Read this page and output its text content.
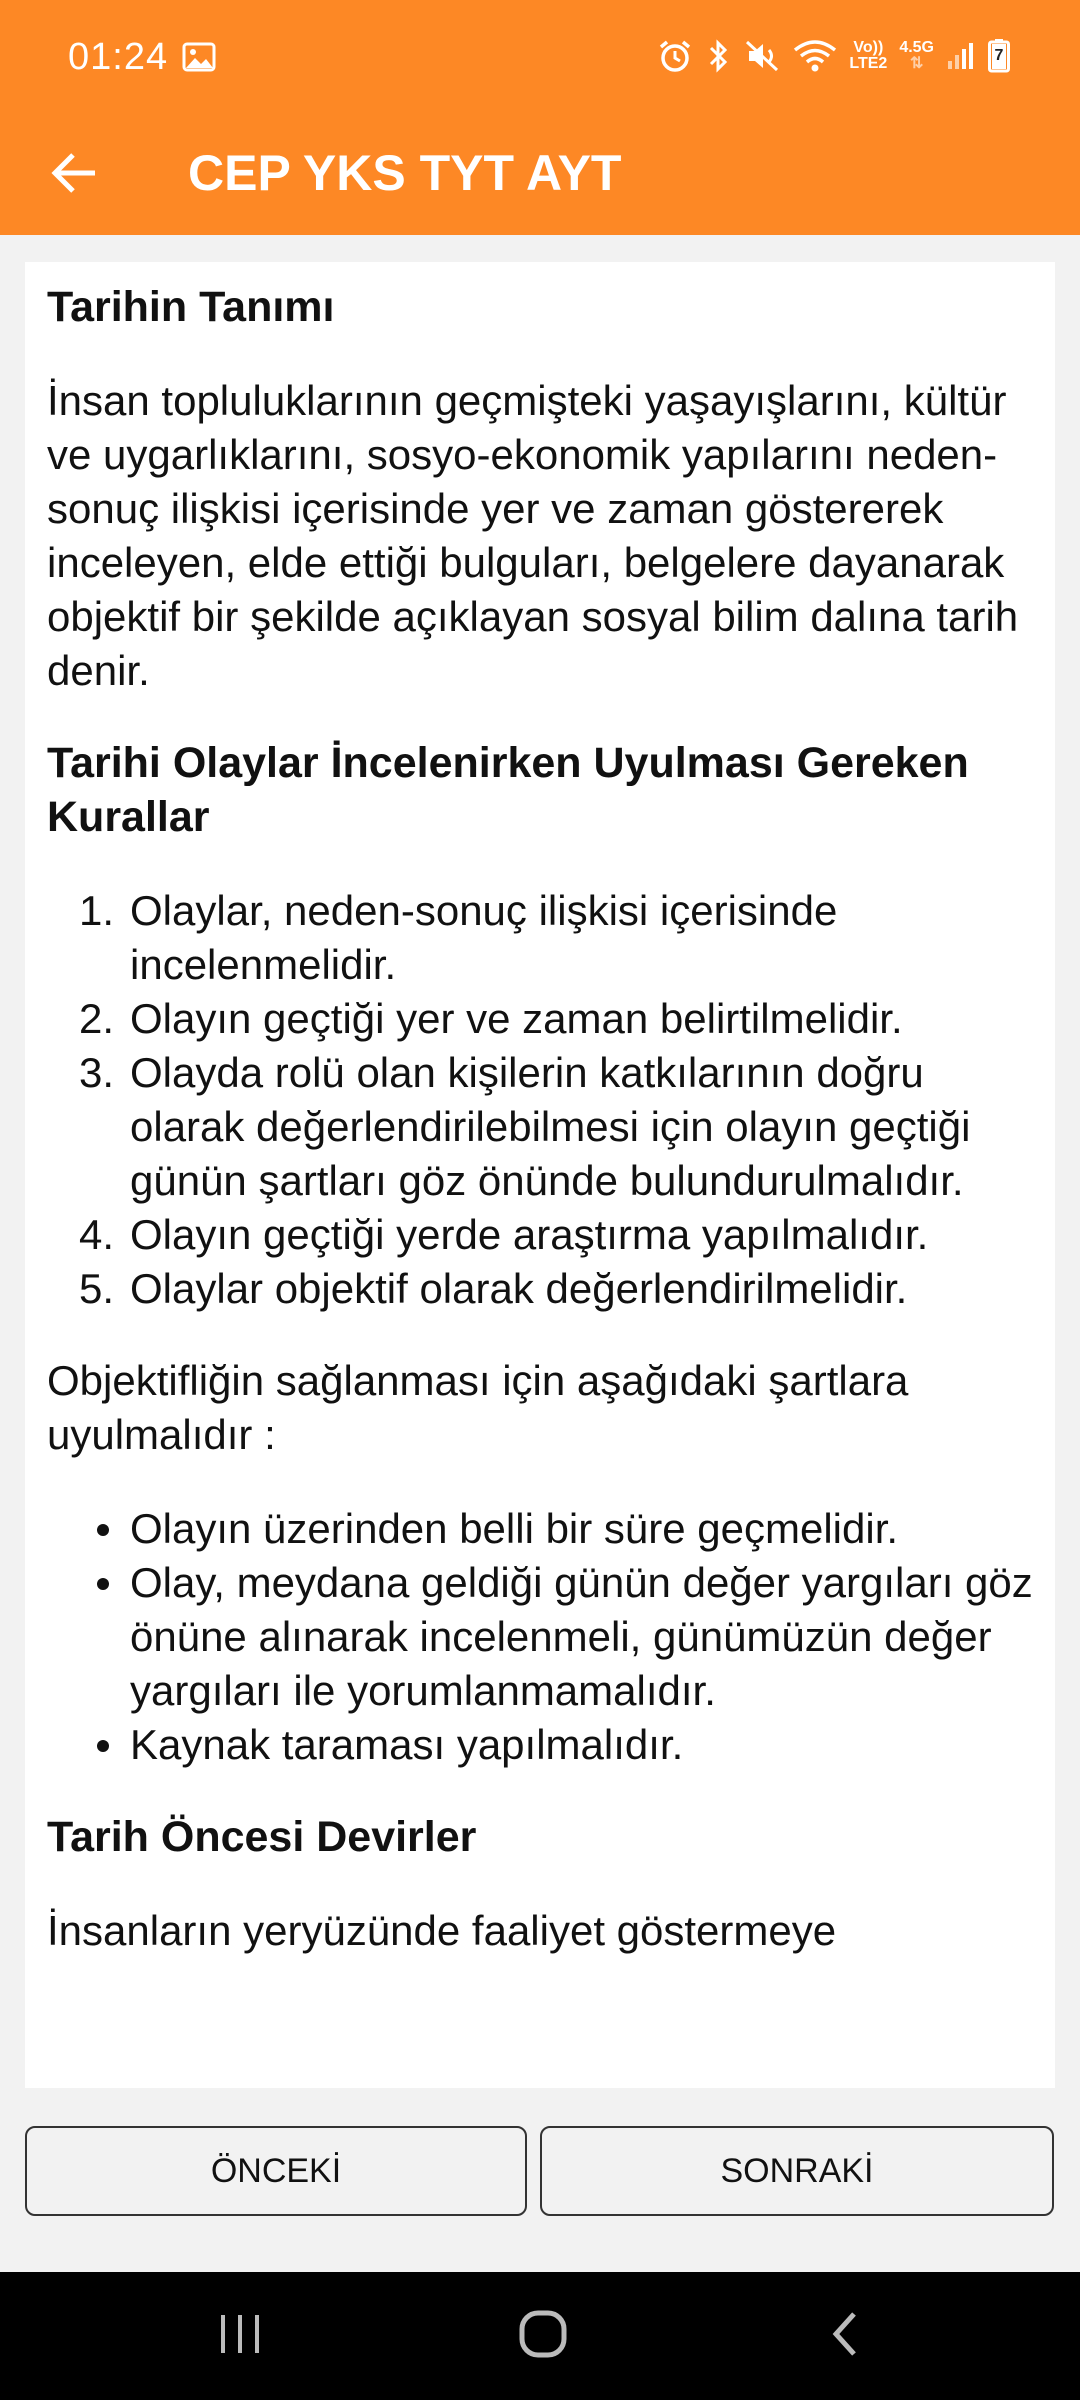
01:24	Vo))
LTE2
4.5G
⇅	7
CEP YKS TYT AYT
Tarihin Tanımı

İnsan topluluklarının geçmişteki yaşayışlarını, kültür ve uygarlıklarını, sosyo-ekonomik yapılarını neden-sonuç ilişkisi içerisinde yer ve zaman göstererek inceleyen, elde ettiği bulguları, belgelere dayanarak objektif bir şekilde açıklayan sosyal bilim dalına tarih denir.

Tarihi Olaylar İncelenirken Uyulması Gereken Kurallar
1. Olaylar, neden-sonuç ilişkisi içerisinde incelenmelidir.
2. Olayın geçtiği yer ve zaman belirtilmelidir.
3. Olayda rolü olan kişilerin katkılarının doğru olarak değerlendirilebilmesi için olayın geçtiği günün şartları göz önünde bulundurulmalıdır.
4. Olayın geçtiği yerde araştırma yapılmalıdır.
5. Olaylar objektif olarak değerlendirilmelidir.

Objektifliğin sağlanması için aşağıdaki şartlara uyulmalıdır :

Olayın üzerinden belli bir süre geçmelidir.
Olay, meydana geldiği günün değer yargıları göz önüne alınarak incelenmeli, günümüzün değer yargıları ile yorumlanmamalıdır.
Kaynak taraması yapılmalıdır.
Tarih Öncesi Devirler

İnsanların yeryüzünde faaliyet göstermeye

ÖNCEKİ	SONRAKİ
